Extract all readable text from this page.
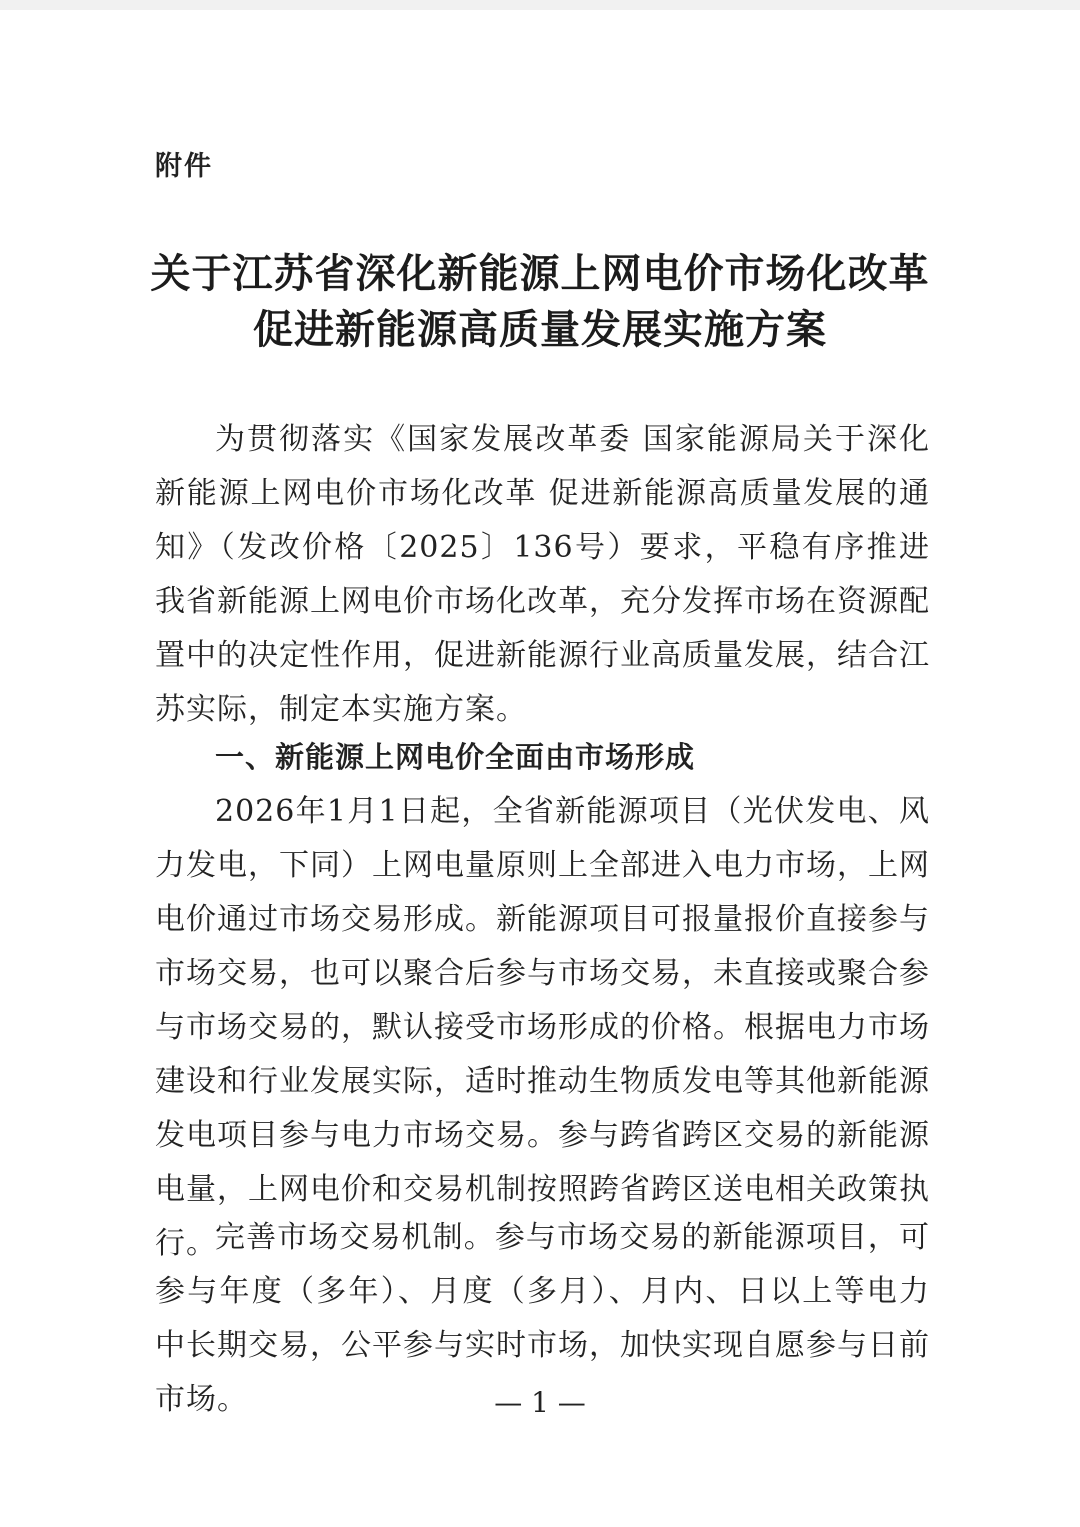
附件
关于江苏省深化新能源上网电价市场化改革
促进新能源高质量发展实施方案

为贯彻落实《国家发展改革委 国家能源局关于深化新能源上网电价市场化改革 促进新能源高质量发展的通知》（发改价格〔2025〕136号）要求，平稳有序推进我省新能源上网电价市场化改革，充分发挥市场在资源配置中的决定性作用，促进新能源行业高质量发展，结合江苏实际，制定本实施方案。

一、新能源上网电价全面由市场形成

2026年1月1日起，全省新能源项目（光伏发电、风力发电，下同）上网电量原则上全部进入电力市场，上网电价通过市场交易形成。新能源项目可报量报价直接参与市场交易，也可以聚合后参与市场交易，未直接或聚合参与市场交易的，默认接受市场形成的价格。根据电力市场建设和行业发展实际，适时推动生物质发电等其他新能源发电项目参与电力市场交易。参与跨省跨区交易的新能源电量，上网电价和交易机制按照跨省跨区送电相关政策执行。

完善市场交易机制。参与市场交易的新能源项目，可参与年度（多年）、月度（多月）、月内、日以上等电力中长期交易，公平参与实时市场，加快实现自愿参与日前市场。	— 1 —
